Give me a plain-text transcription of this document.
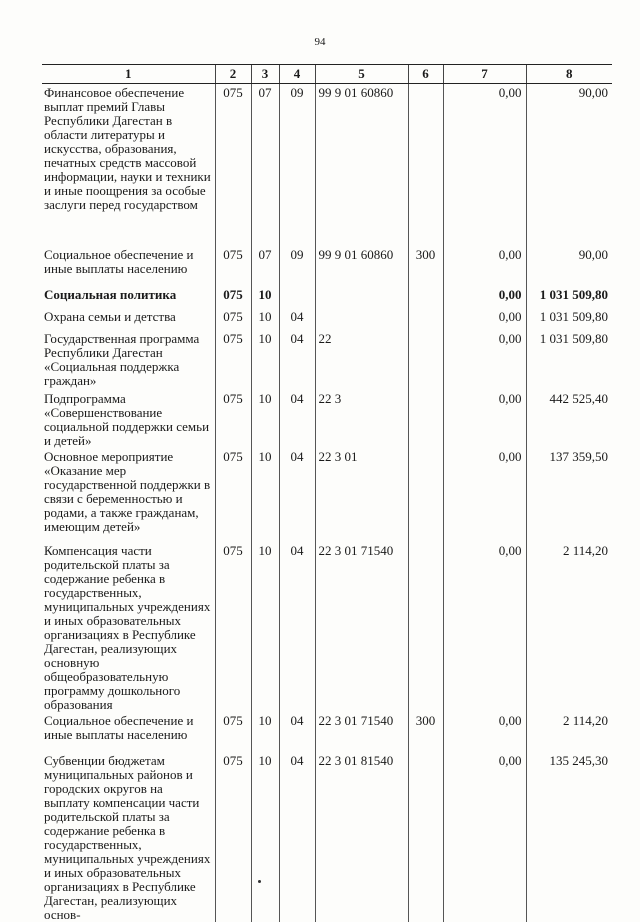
94
1	2	3	4	5	6	7	8
Финансовое обеспечение выплат премий Главы Республики Дагестан в области литературы и искусства, образования, печатных средств массовой информации, науки и техники и иные поощрения за особые заслуги перед государством	075	07	09	99 9 01 60860		0,00	90,00
Социальное обеспечение и иные выплаты населению	075	07	09	99 9 01 60860	300	0,00	90,00
Социальная политика	075	10				0,00	1 031 509,80
Охрана семьи и детства	075	10	04			0,00	1 031 509,80
Государственная программа Республики Дагестан «Социальная поддержка граждан»	075	10	04	22		0,00	1 031 509,80
Подпрограмма «Совершенствование социальной поддержки семьи и детей»	075	10	04	22 3		0,00	442 525,40
Основное мероприятие «Оказание мер государственной поддержки в связи с беременностью и родами, а также гражданам, имеющим детей»	075	10	04	22 3 01		0,00	137 359,50
Компенсация части родительской платы за содержание ребенка в государственных, муниципальных учреждениях и иных образовательных организациях в Республике Дагестан, реализующих основную общеобразовательную программу дошкольного образования	075	10	04	22 3 01 71540		0,00	2 114,20
Социальное обеспечение и иные выплаты населению	075	10	04	22 3 01 71540	300	0,00	2 114,20
Субвенции бюджетам муниципальных районов и городских округов на выплату компенсации части родительской платы за содержание ребенка в государственных, муниципальных учреждениях и иных образовательных организациях в Республике Дагестан, реализующих основ-	075	10	04	22 3 01 81540		0,00	135 245,30
